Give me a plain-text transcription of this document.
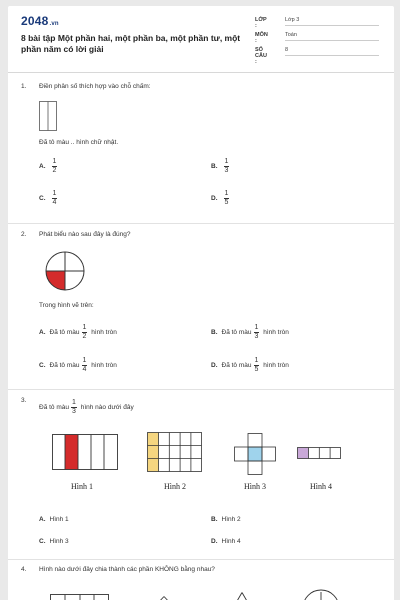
2048.vn
8 bài tập Một phần hai, một phần ba, một phần tư, một phần năm có lời giải
LỚP :
Lớp 3
MÔN :
Toán
SỐ CÂU :
8
1. Điền phân số thích hợp vào chỗ chấm:
Đã tô màu .. hình chữ nhật.
A. $\frac{1}{2}$	B. $\frac{1}{3}$
C. $\frac{1}{4}$	D. $\frac{1}{5}$
2. Phát biểu nào sau đây là đúng?
Trong hình vẽ trên:
A. Đã tô màu $\frac{1}{2}$ hình tròn	B. Đã tô màu $\frac{1}{3}$ hình tròn
C. Đã tô màu $\frac{1}{4}$ hình tròn	D. Đã tô màu $\frac{1}{5}$ hình tròn
3.
Đã tô màu $\frac{1}{3}$ hình nào dưới đây
Hình 1	Hình 2	Hình 3	Hình 4
A. Hình 1	B. Hình 2
C. Hình 3	D. Hình 4
4. Hình nào dưới đây chia thành các phần KHÔNG bằng nhau?
